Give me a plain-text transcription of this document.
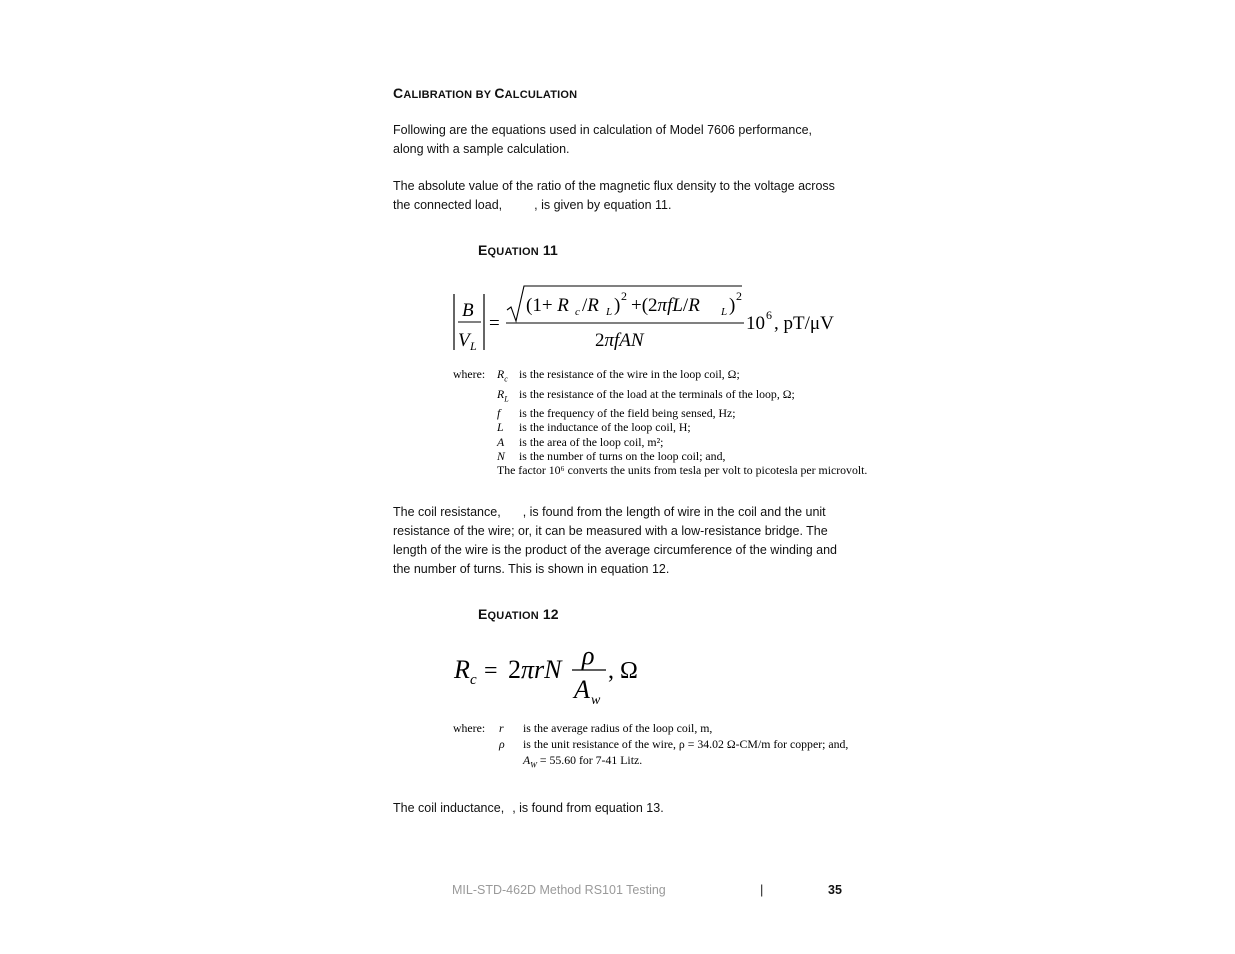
CALIBRATION BY CALCULATION
Following are the equations used in calculation of Model 7606 performance, along with a sample calculation.
The absolute value of the ratio of the magnetic flux density to the voltage across
the connected load,	, is given by equation 11.
EQUATION 11
B
V L
=
(1+ R c /R L ) 2 +(2πfL/R L ) 2
2πfAN
10 6 , pT/μV
where:	$R_c$ is the resistance of the wire in the loop coil, Ω;
$R_L$ is the resistance of the load at the terminals of the loop, Ω;
f	is the frequency of the field being sensed, Hz;
L	is the inductance of the loop coil, H;
A	is the area of the loop coil, m²;
N	is the number of turns on the loop coil; and,
The factor 10⁶ converts the units from tesla per volt to picotesla per microvolt.
The coil resistance, , is found from the length of wire in the coil and the unit resistance of the wire; or, it can be measured with a low-resistance bridge. The length of the wire is the product of the average circumference of the winding and the number of turns. This is shown in equation 12.
EQUATION 12
R c = 2πrN ρ
A w
, Ω
where:	r	is the average radius of the loop coil, m,
ρ	is the unit resistance of the wire, ρ = 34.02 Ω-CM/m for copper; and,
$A_W$
= 55.60 for 7-41 Litz.
The coil inductance, , is found from equation 13.
MIL-STD-462D Method RS101 Testing	|	35
